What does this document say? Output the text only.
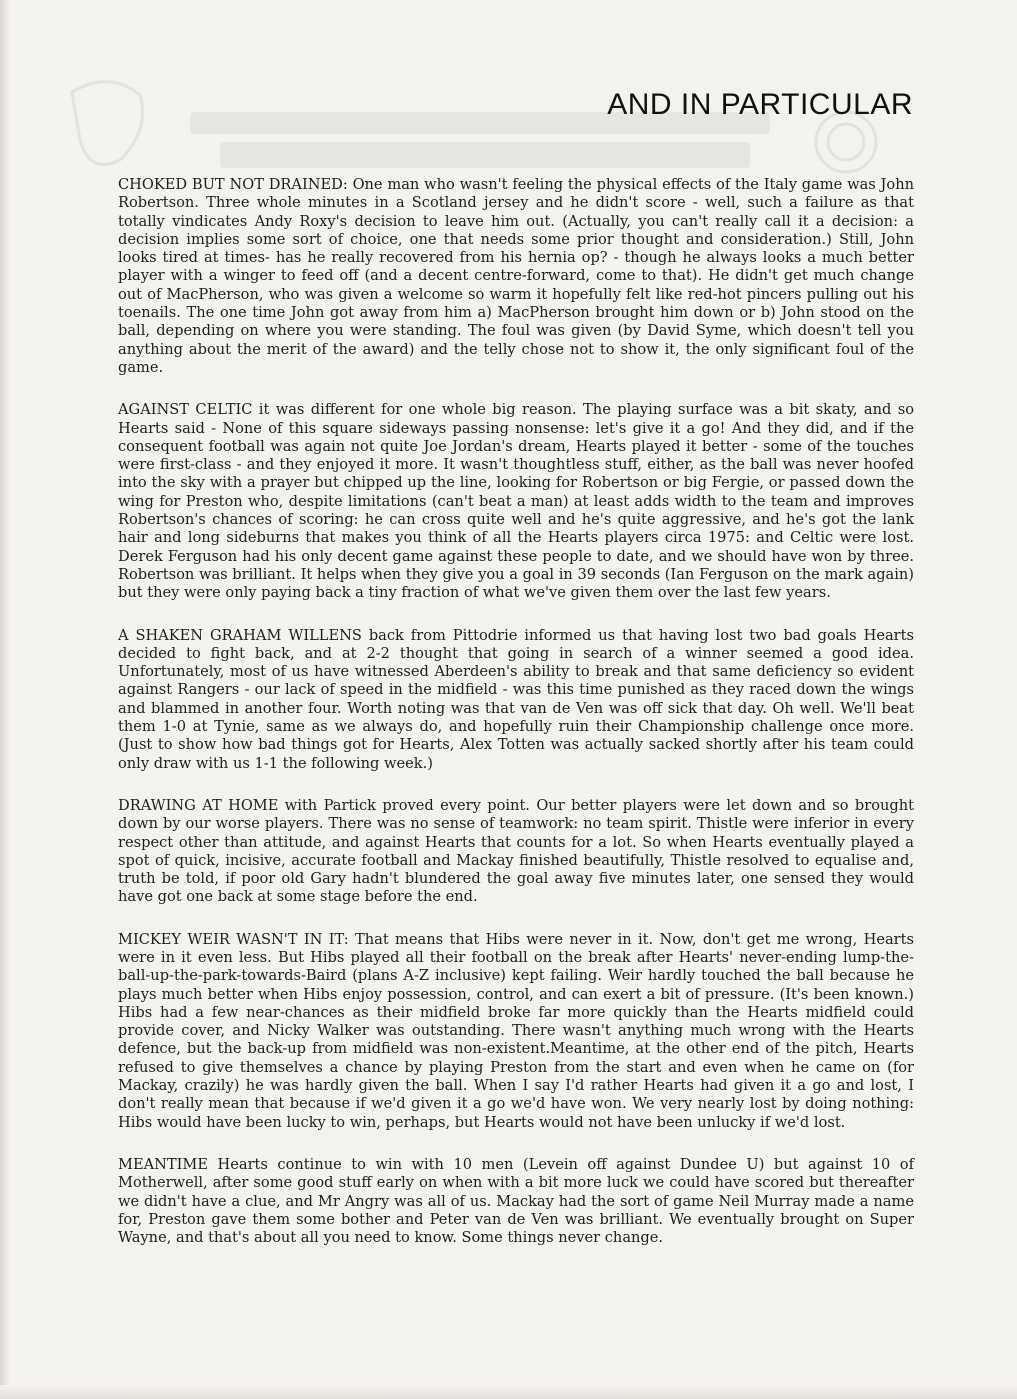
AND IN PARTICULAR

CHOKED BUT NOT DRAINED: One man who wasn't feeling the physical effects of the Italy game was John Robertson. Three whole minutes in a Scotland jersey and he didn't score - well, such a failure as that totally vindicates Andy Roxy's decision to leave him out. (Actually, you can't really call it a decision: a decision implies some sort of choice, one that needs some prior thought and consideration.) Still, John looks tired at times- has he really recovered from his hernia op? - though he always looks a much better player with a winger to feed off (and a decent centre-forward, come to that). He didn't get much change out of MacPherson, who was given a welcome so warm it hopefully felt like red-hot pincers pulling out his toenails. The one time John got away from him a) MacPherson brought him down or b) John stood on the ball, depending on where you were standing. The foul was given (by David Syme, which doesn't tell you anything about the merit of the award) and the telly chose not to show it, the only significant foul of the game.

AGAINST CELTIC it was different for one whole big reason. The playing surface was a bit skaty, and so Hearts said - None of this square sideways passing nonsense: let's give it a go! And they did, and if the consequent football was again not quite Joe Jordan's dream, Hearts played it better - some of the touches were first-class - and they enjoyed it more. It wasn't thoughtless stuff, either, as the ball was never hoofed into the sky with a prayer but chipped up the line, looking for Robertson or big Fergie, or passed down the wing for Preston who, despite limitations (can't beat a man) at least adds width to the team and improves Robertson's chances of scoring: he can cross quite well and he's quite aggressive, and he's got the lank hair and long sideburns that makes you think of all the Hearts players circa 1975: and Celtic were lost. Derek Ferguson had his only decent game against these people to date, and we should have won by three. Robertson was brilliant. It helps when they give you a goal in 39 seconds (Ian Ferguson on the mark again) but they were only paying back a tiny fraction of what we've given them over the last few years.

A SHAKEN GRAHAM WILLENS back from Pittodrie informed us that having lost two bad goals Hearts decided to fight back, and at 2-2 thought that going in search of a winner seemed a good idea. Unfortunately, most of us have witnessed Aberdeen's ability to break and that same deficiency so evident against Rangers - our lack of speed in the midfield - was this time punished as they raced down the wings and blammed in another four. Worth noting was that van de Ven was off sick that day. Oh well. We'll beat them 1-0 at Tynie, same as we always do, and hopefully ruin their Championship challenge once more. (Just to show how bad things got for Hearts, Alex Totten was actually sacked shortly after his team could only draw with us 1-1 the following week.)

DRAWING AT HOME with Partick proved every point. Our better players were let down and so brought down by our worse players. There was no sense of teamwork: no team spirit. Thistle were inferior in every respect other than attitude, and against Hearts that counts for a lot. So when Hearts eventually played a spot of quick, incisive, accurate football and Mackay finished beautifully, Thistle resolved to equalise and, truth be told, if poor old Gary hadn't blundered the goal away five minutes later, one sensed they would have got one back at some stage before the end.

MICKEY WEIR WASN'T IN IT: That means that Hibs were never in it. Now, don't get me wrong, Hearts were in it even less. But Hibs played all their football on the break after Hearts' never-ending lump-the- ball-up-the-park-towards-Baird (plans A-Z inclusive) kept failing. Weir hardly touched the ball because he plays much better when Hibs enjoy possession, control, and can exert a bit of pressure. (It's been known.) Hibs had a few near-chances as their midfield broke far more quickly than the Hearts midfield could provide cover, and Nicky Walker was outstanding. There wasn't anything much wrong with the Hearts defence, but the back-up from midfield was non-existent.Meantime, at the other end of the pitch, Hearts refused to give themselves a chance by playing Preston from the start and even when he came on (for Mackay, crazily) he was hardly given the ball. When I say I'd rather Hearts had given it a go and lost, I don't really mean that because if we'd given it a go we'd have won. We very nearly lost by doing nothing: Hibs would have been lucky to win, perhaps, but Hearts would not have been unlucky if we'd lost.

MEANTIME Hearts continue to win with 10 men (Levein off against Dundee U) but against 10 of Motherwell, after some good stuff early on when with a bit more luck we could have scored but thereafter we didn't have a clue, and Mr Angry was all of us. Mackay had the sort of game Neil Murray made a name for, Preston gave them some bother and Peter van de Ven was brilliant. We eventually brought on Super Wayne, and that's about all you need to know. Some things never change.
